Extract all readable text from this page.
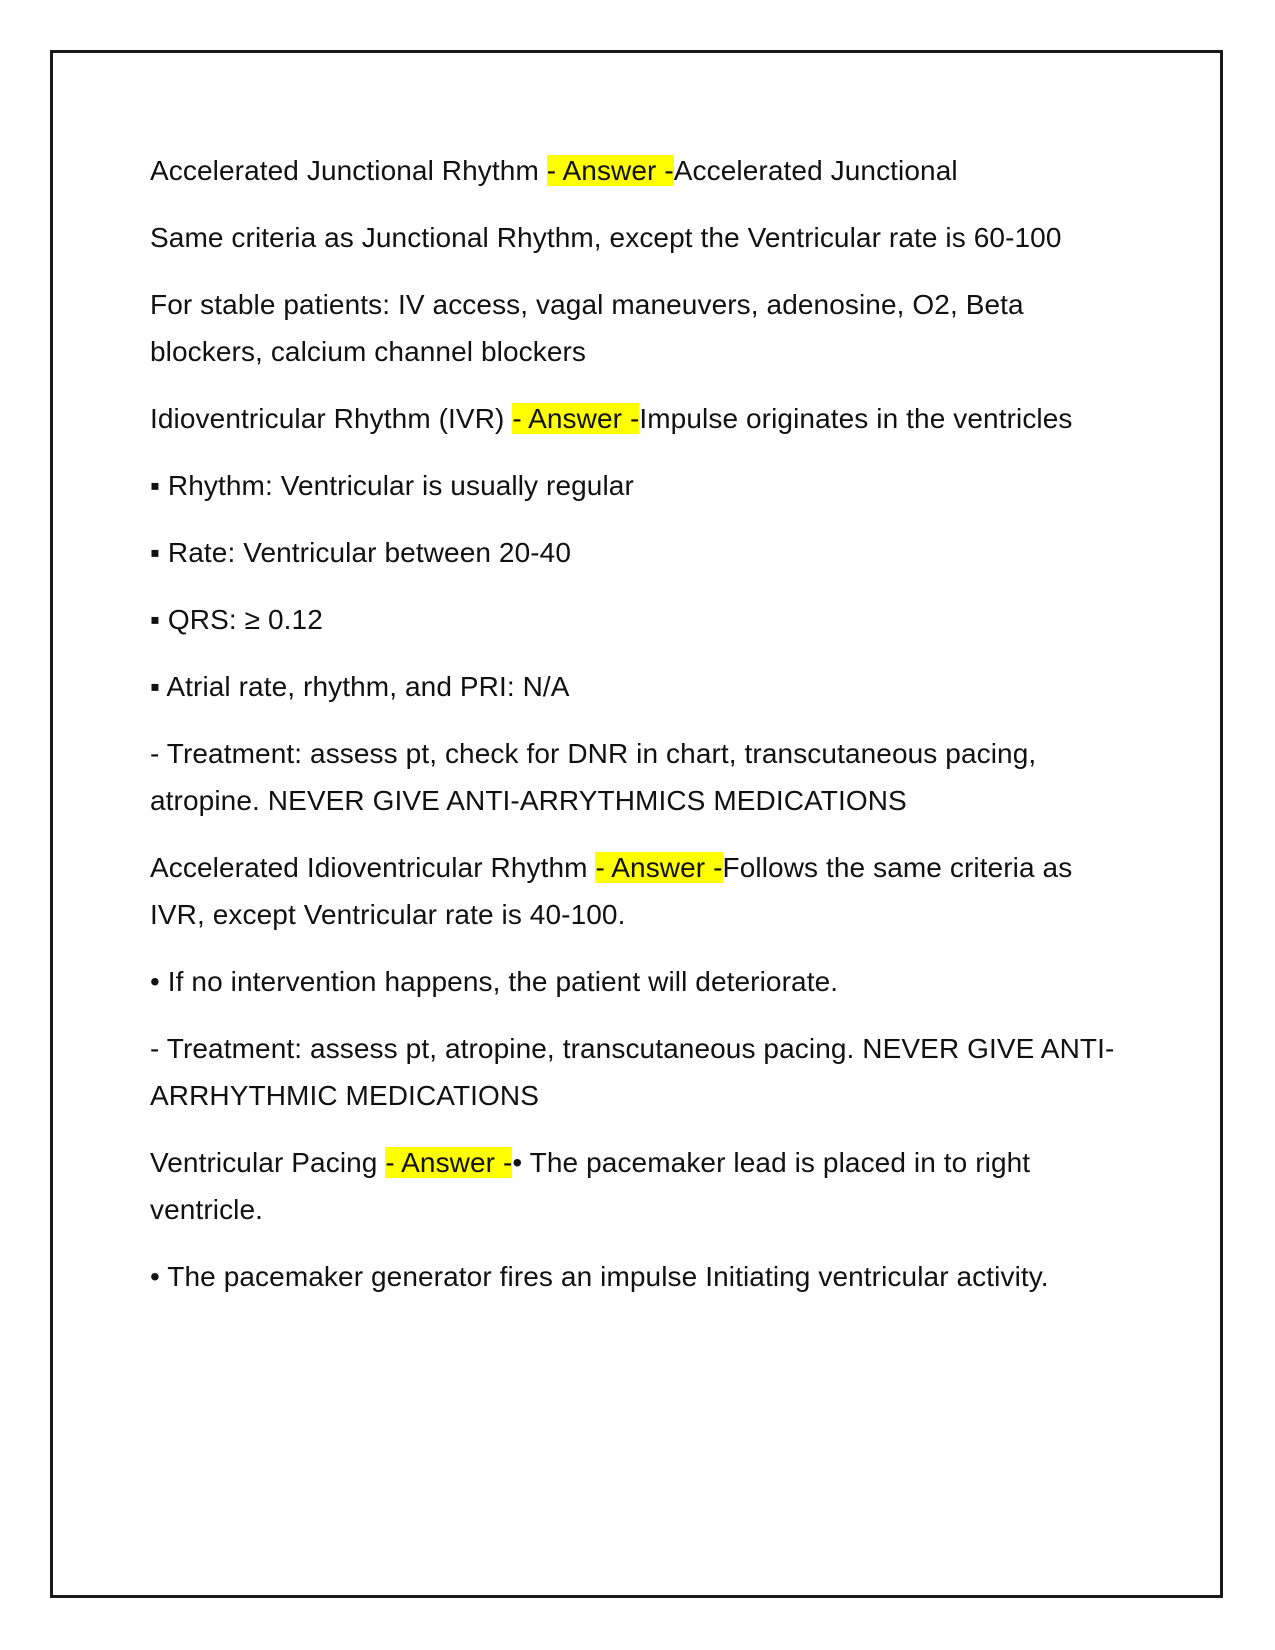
Accelerated Junctional Rhythm - Answer -Accelerated Junctional

Same criteria as Junctional Rhythm, except the Ventricular rate is 60-100

For stable patients: IV access, vagal maneuvers, adenosine, O2, Beta blockers, calcium channel blockers

Idioventricular Rhythm (IVR) - Answer -Impulse originates in the ventricles

▪ Rhythm: Ventricular is usually regular

▪ Rate: Ventricular between 20-40

▪ QRS: ≥ 0.12

▪ Atrial rate, rhythm, and PRI: N/A

- Treatment: assess pt, check for DNR in chart, transcutaneous pacing, atropine. NEVER GIVE ANTI-ARRYTHMICS MEDICATIONS

Accelerated Idioventricular Rhythm - Answer -Follows the same criteria as IVR, except Ventricular rate is 40-100.

• If no intervention happens, the patient will deteriorate.

- Treatment: assess pt, atropine, transcutaneous pacing. NEVER GIVE ANTI-ARRHYTHMIC MEDICATIONS

Ventricular Pacing - Answer -• The pacemaker lead is placed in to right ventricle.

• The pacemaker generator fires an impulse Initiating ventricular activity.
